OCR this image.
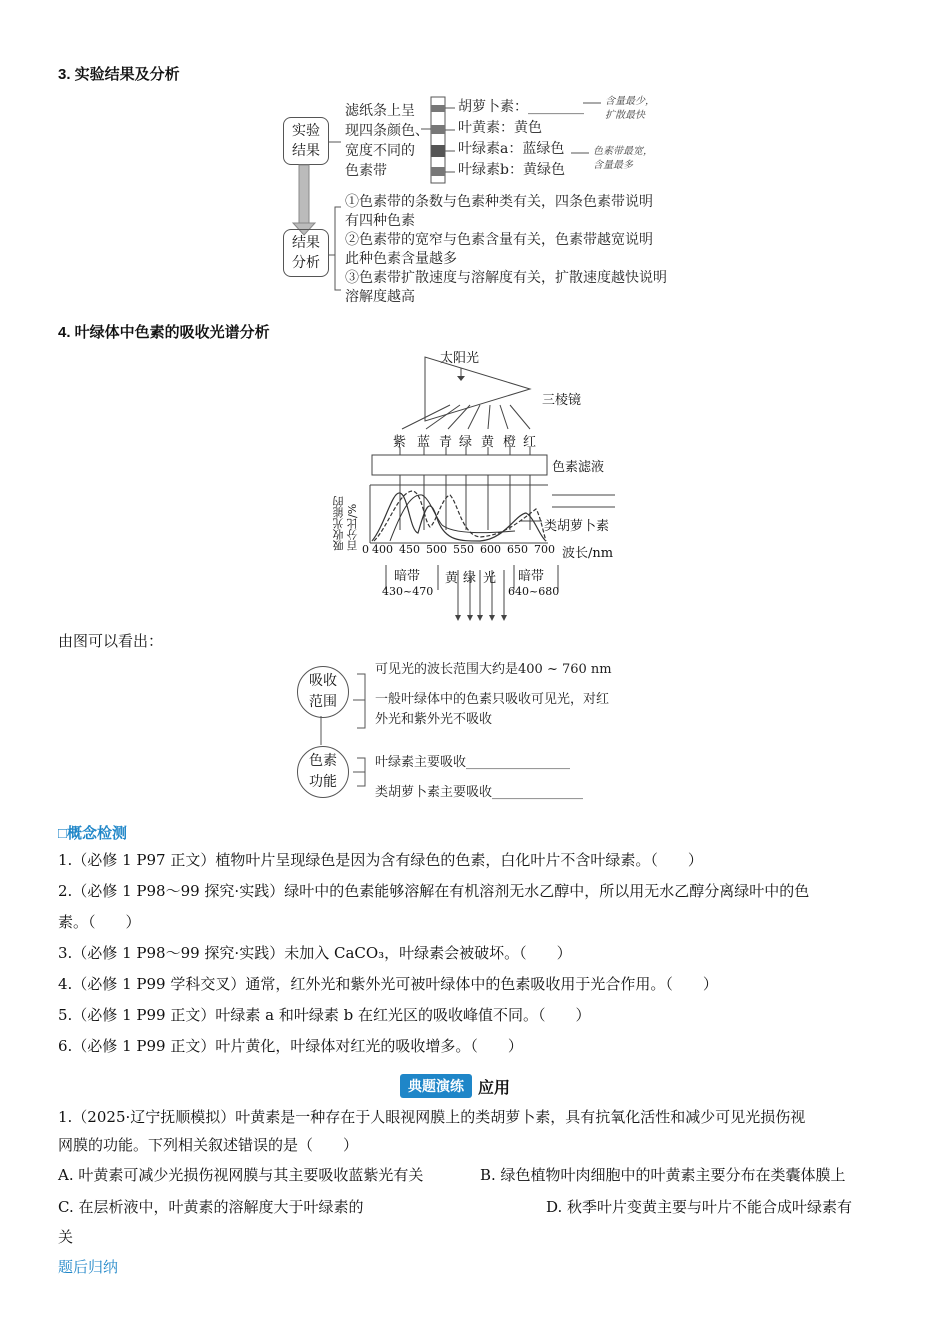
3. 实验结果及分析
实验
结果
滤纸条上呈
现四条颜色、
宽度不同的
色素带
胡萝卜素：________
叶黄素：黄色
叶绿素a：蓝绿色
叶绿素b：黄绿色
含量最少，
扩散最快
色素带最宽，
含量最多
结果
分析
①色素带的条数与色素种类有关，四条色素带说明
有四种色素
②色素带的宽窄与色素含量有关，色素带越宽说明
此种色素含量越多
③色素带扩散速度与溶解度有关，扩散速度越快说明
溶解度越高
4. 叶绿体中色素的吸收光谱分析
太阳光
三棱镜
紫 蓝 青 绿 黄 橙 红
色素滤液
吸收光能的 百分比/%	类胡萝卜素
0 400 450 500 550 600 650 700 波长/nm
暗带
430~470
黄 绿 光 暗带
640~680
由图可以看出：
吸收
范围
色素
功能
可见光的波长范围大约是400 ~ 760 nm
一般叶绿体中的色素只吸收可见光，对红
外光和紫外光不吸收
叶绿素主要吸收________________
类胡萝卜素主要吸收______________
□概念检测
1.（必修 1 P97 正文）植物叶片呈现绿色是因为含有绿色的色素，白化叶片不含叶绿素。（　　）
2.（必修 1 P98～99 探究·实践）绿叶中的色素能够溶解在有机溶剂无水乙醇中，所以用无水乙醇分离绿叶中的色
素。（　　）
3.（必修 1 P98～99 探究·实践）未加入 CaCO₃，叶绿素会被破坏。（　　）
4.（必修 1 P99 学科交叉）通常，红外光和紫外光可被叶绿体中的色素吸收用于光合作用。（　　）
5.（必修 1 P99 正文）叶绿素 a 和叶绿素 b 在红光区的吸收峰值不同。（　　）
6.（必修 1 P99 正文）叶片黄化，叶绿体对红光的吸收增多。（　　）
典题演练 应用
1.（2025·辽宁抚顺模拟）叶黄素是一种存在于人眼视网膜上的类胡萝卜素，具有抗氧化活性和减少可见光损伤视
网膜的功能。下列相关叙述错误的是（　　）
A. 叶黄素可减少光损伤视网膜与其主要吸收蓝紫光有关	B. 绿色植物叶肉细胞中的叶黄素主要分布在类囊体膜上
C. 在层析液中，叶黄素的溶解度大于叶绿素的	D. 秋季叶片变黄主要与叶片不能合成叶绿素有
关
题后归纳
